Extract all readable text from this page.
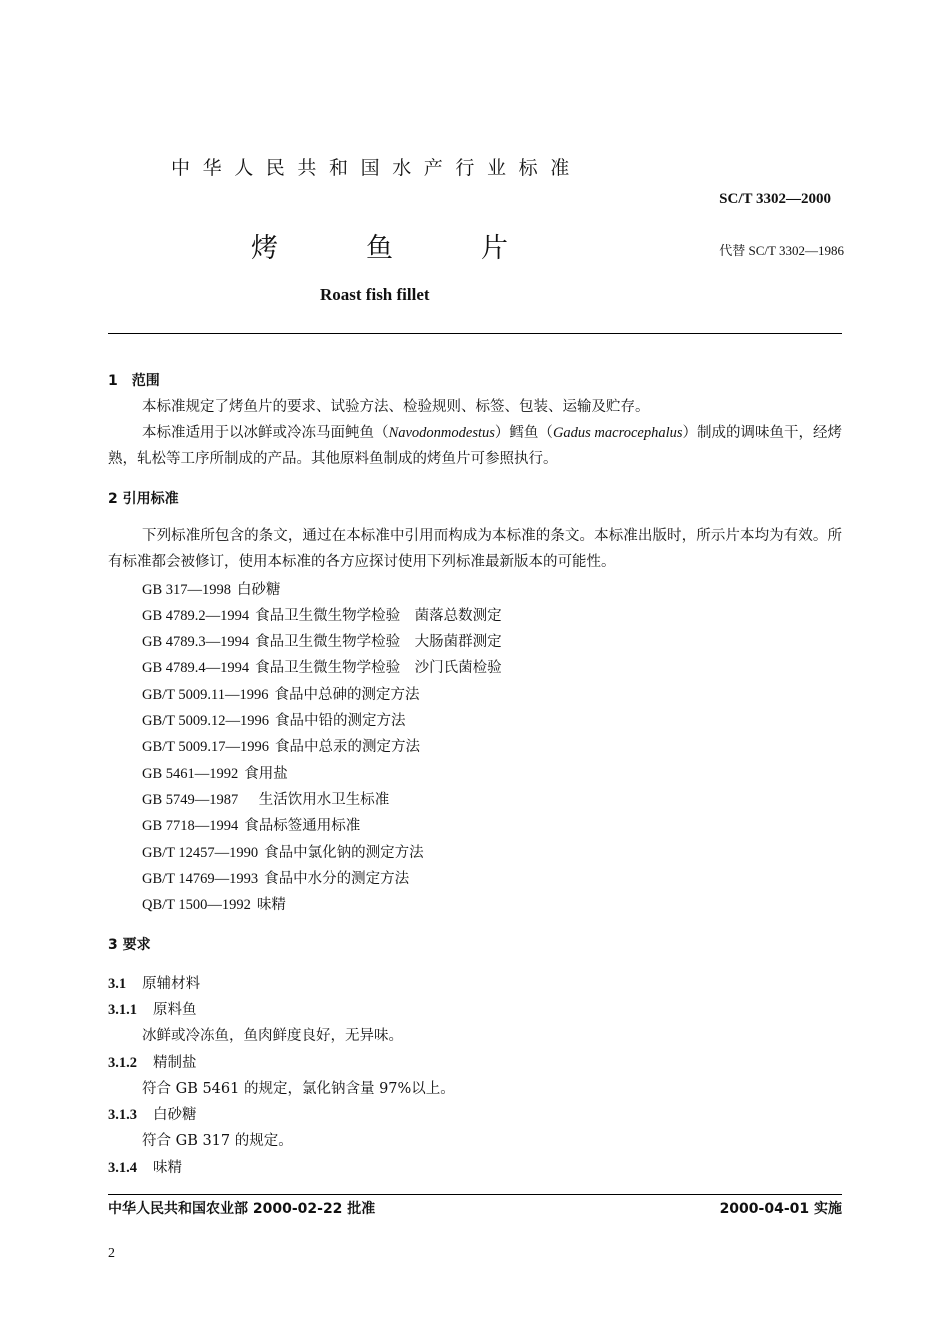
中华人民共和国水产行业标准
SC/T 3302—2000
烤鱼片	代替 SC/T 3302—1986
Roast fish fillet
1　范围
本标准规定了烤鱼片的要求、试验方法、检验规则、标签、包装、运输及贮存。
本标准适用于以冰鲜或冷冻马面鲀鱼（Navodonmodestus）鳕鱼（Gadus macrocephalus）制成的调味鱼干，经烤熟，轧松等工序所制成的产品。其他原料鱼制成的烤鱼片可参照执行。
2 引用标准
下列标准所包含的条文，通过在本标准中引用而构成为本标准的条文。本标准出版时，所示片本均为有效。所有标准都会被修订，使用本标准的各方应探讨使用下列标准最新版本的可能性。
GB 317—1998 白砂糖
GB 4789.2—1994 食品卫生微生物学检验　菌落总数测定
GB 4789.3—1994 食品卫生微生物学检验　大肠菌群测定
GB 4789.4—1994 食品卫生微生物学检验　沙门氏菌检验
GB/T 5009.11—1996 食品中总砷的测定方法
GB/T 5009.12—1996 食品中铅的测定方法
GB/T 5009.17—1996 食品中总汞的测定方法
GB 5461—1992 食用盐
GB 5749—1987　生活饮用水卫生标准
GB 7718—1994 食品标签通用标准
GB/T 12457—1990 食品中氯化钠的测定方法
GB/T 14769—1993 食品中水分的测定方法
QB/T 1500—1992 味精
3 要求
3.1 原辅材料
3.1.1 原料鱼
冰鲜或冷冻鱼，鱼肉鲜度良好，无异味。
3.1.2 精制盐
符合 GB 5461 的规定，氯化钠含量 97%以上。
3.1.3 白砂糖
符合 GB 317 的规定。
3.1.4 味精
中华人民共和国农业部 2000-02-22 批准	2000-04-01 实施
2
